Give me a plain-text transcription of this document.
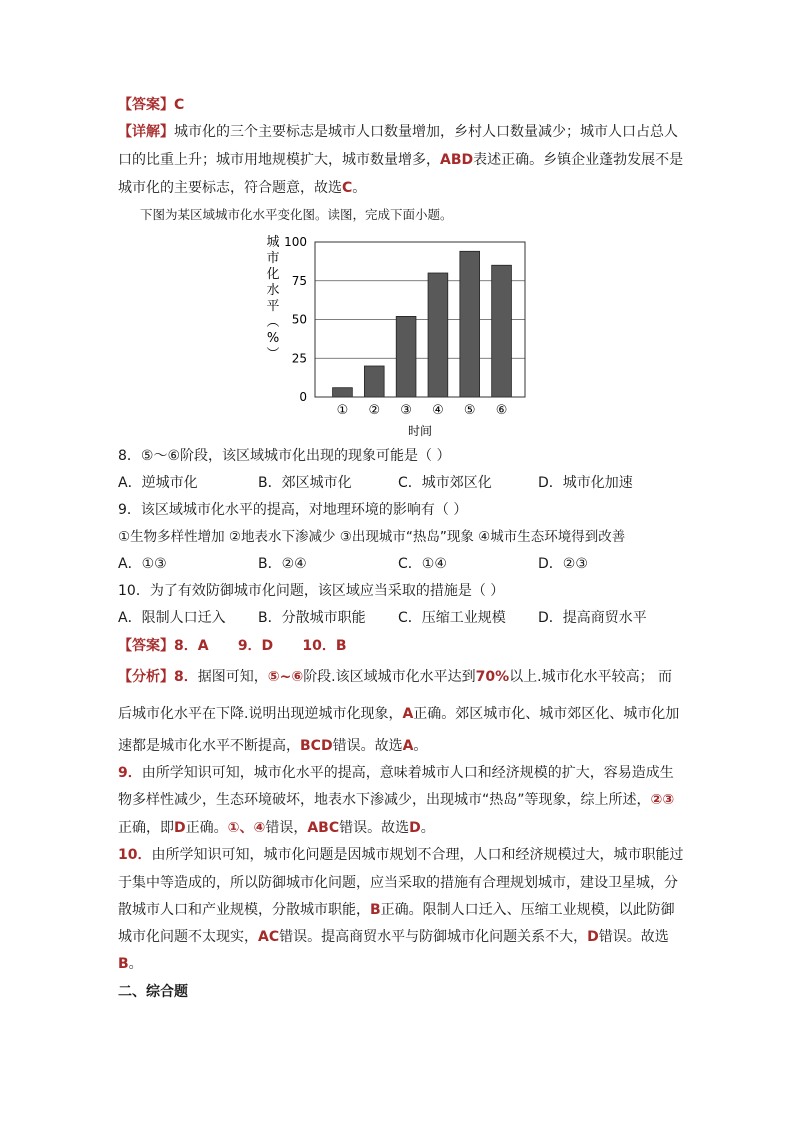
【答案】C
【详解】城市化的三个主要标志是城市人口数量增加，乡村人口数量减少；城市人口占总人
口的比重上升；城市用地规模扩大，城市数量增多，ABD表述正确。乡镇企业蓬勃发展不是
城市化的主要标志，符合题意，故选C。
下图为某区域城市化水平变化图。读图，完成下面小题。
城市化水平︵ % ︶
0
25
50
75
100
① ② ③ ④ ⑤ ⑥
时间
8．⑤～⑥阶段，该区域城市化出现的现象可能是（ ）
A．逆城市化	B．郊区城市化	C．城市郊区化	D．城市化加速
9．该区域城市化水平的提高，对地理环境的影响有（ ）
①生物多样性增加 ②地表水下渗减少 ③出现城市“热岛”现象 ④城市生态环境得到改善
A．①③	B．②④	C．①④	D．②③
10．为了有效防御城市化问题，该区域应当采取的措施是（ ）
A．限制人口迁入 B．分散城市职能 C．压缩工业规模 D．提高商贸水平
【答案】8．A      9．D      10．B
【分析】8．据图可知，⑤~⑥阶段.该区域城市化水平达到70%以上.城市化水平较高； 而
后城市化水平在下降.说明出现逆城市化现象，A正确。郊区城市化、城市郊区化、城市化加
速都是城市化水平不断提高，BCD错误。故选A。
9．由所学知识可知，城市化水平的提高，意味着城市人口和经济规模的扩大，容易造成生
物多样性减少，生态环境破坏，地表水下渗减少，出现城市“热岛”等现象，综上所述，②③
正确，即D正确。①、④错误，ABC错误。故选D。
10．由所学知识可知，城市化问题是因城市规划不合理，人口和经济规模过大，城市职能过
于集中等造成的，所以防御城市化问题，应当采取的措施有合理规划城市，建设卫星城，分
散城市人口和产业规模，分散城市职能，B正确。限制人口迁入、压缩工业规模，以此防御
城市化问题不太现实，AC错误。提高商贸水平与防御城市化问题关系不大，D错误。故选
B。
二、综合题
